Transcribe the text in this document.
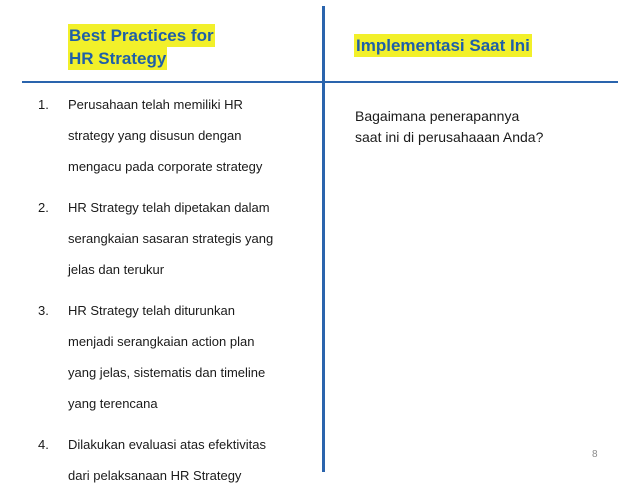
Best Practices for
HR Strategy
Implementasi Saat Ini
1.	Perusahaan telah memiliki HR
strategy yang disusun dengan
mengacu pada corporate strategy
2.	HR Strategy telah dipetakan dalam
serangkaian sasaran strategis yang
jelas dan terukur
3.	HR Strategy telah diturunkan
menjadi serangkaian action plan
yang jelas, sistematis dan timeline
yang terencana
4.	Dilakukan evaluasi atas efektivitas
dari pelaksanaan HR Strategy
Bagaimana penerapannya
saat ini di perusahaaan Anda?
8
